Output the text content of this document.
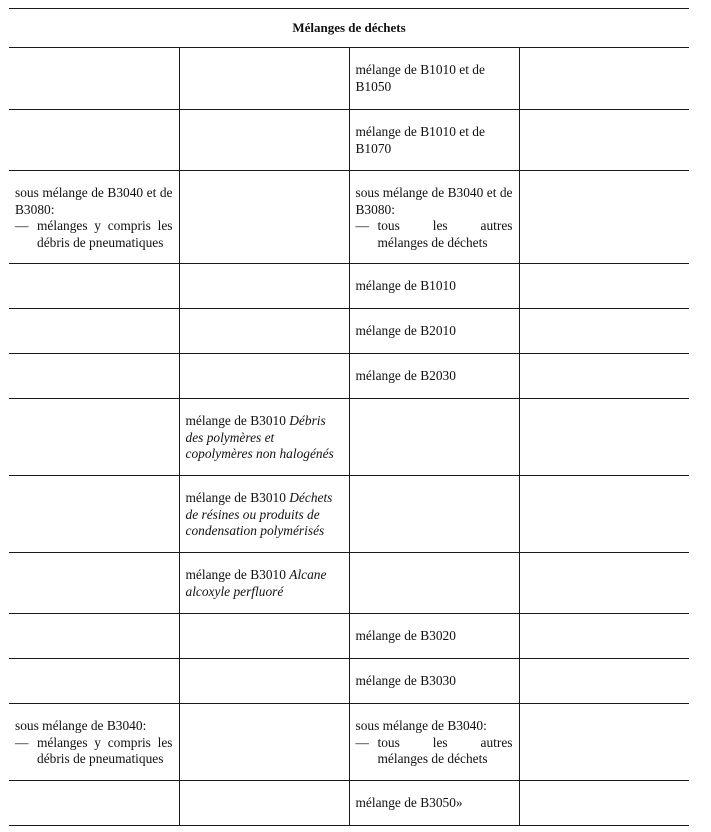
Mélanges de déchets			
		mélange de B1010 et de B1050	
		mélange de B1010 et de B1070	

sous mélange de B3040 et de B3080:
— mélanges y compris les
débris de pneumatiques		sous mélange de B3040 et de B3080:
— tous les autres
mélanges de déchets	

		mélange de B1010	
		mélange de B2010	
		mélange de B2030	
	mélange de B3010 Débris des polymères et copolymères non halogénés		
	mélange de B3010 Déchets de résines ou produits de condensation polymérisés		
	mélange de B3010 Alcane alcoxyle perfluoré		
		mélange de B3020	
		mélange de B3030	

sous mélange de B3040:
— mélanges y compris les
débris de pneumatiques		sous mélange de B3040:
— tous les autres
mélanges de déchets	

		mélange de B3050»	
